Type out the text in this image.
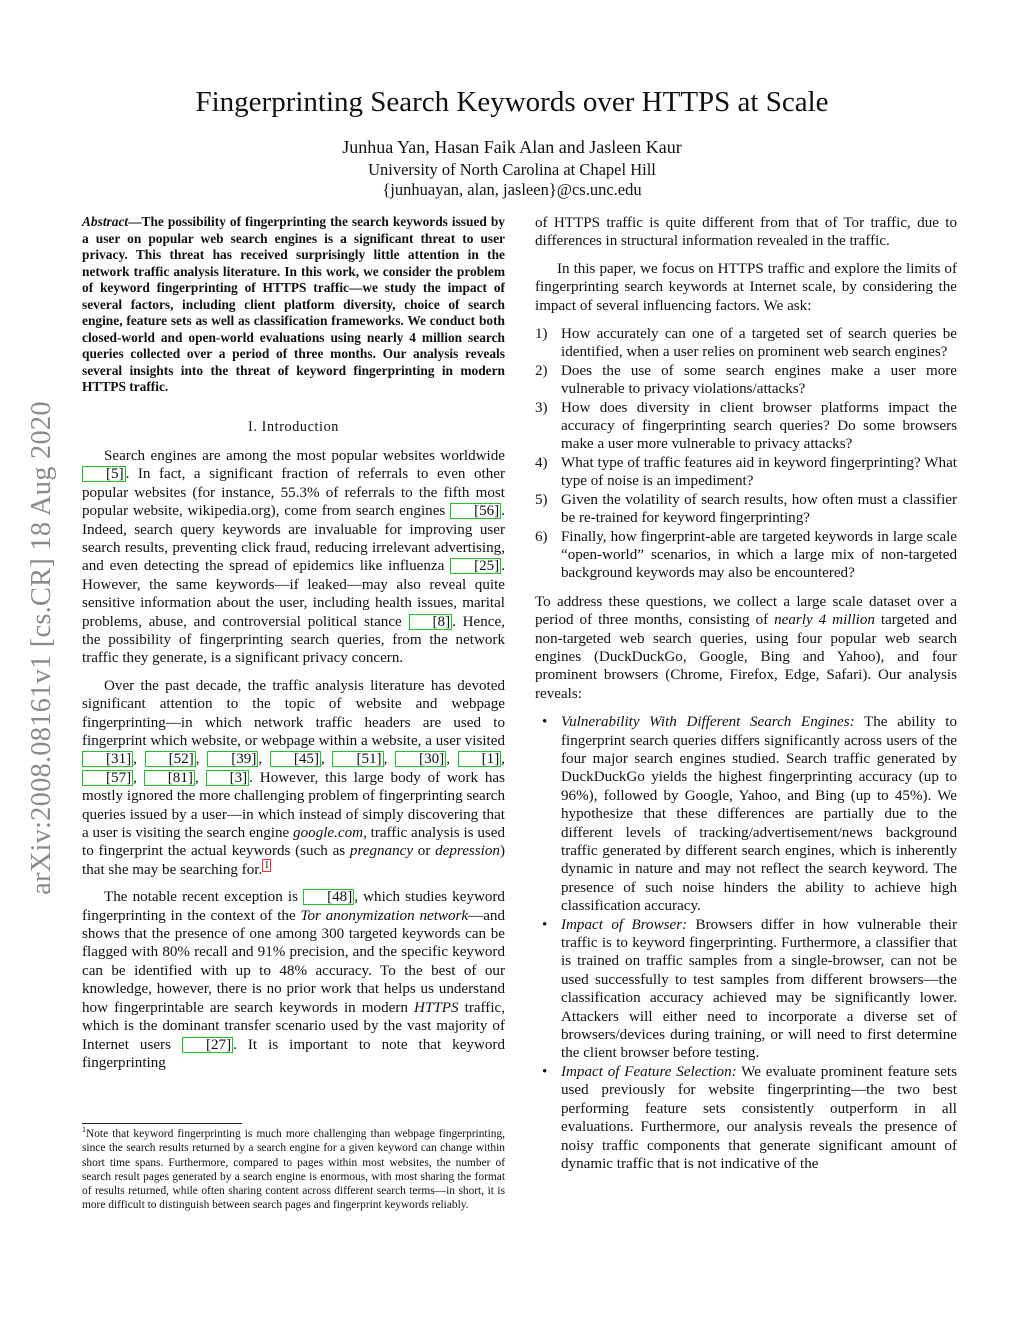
arXiv:2008.08161v1 [cs.CR] 18 Aug 2020
Fingerprinting Search Keywords over HTTPS at Scale
Junhua Yan, Hasan Faik Alan and Jasleen Kaur
University of North Carolina at Chapel Hill
{junhuayan, alan, jasleen}@cs.unc.edu

Abstract—The possibility of fingerprinting the search keywords issued by a user on popular web search engines is a significant threat to user privacy. This threat has received surprisingly little attention in the network traffic analysis literature. In this work, we consider the problem of keyword fingerprinting of HTTPS traffic—we study the impact of several factors, including client platform diversity, choice of search engine, feature sets as well as classification frameworks. We conduct both closed-world and open-world evaluations using nearly 4 million search queries collected over a period of three months. Our analysis reveals several insights into the threat of keyword fingerprinting in modern HTTPS traffic.

I. Introduction

Search engines are among the most popular websites worldwide [5] . In fact, a significant fraction of referrals to even other popular websites (for instance, 55.3% of referrals to the fifth most popular website, wikipedia.org), come from search engines [56] . Indeed, search query keywords are invaluable for improving user search results, preventing click fraud, reducing irrelevant advertising, and even detecting the spread of epidemics like influenza [25] . However, the same keywords—if leaked—may also reveal quite sensitive information about the user, including health issues, marital problems, abuse, and controversial political stance [8] . Hence, the possibility of fingerprinting search queries, from the network traffic they generate, is a significant privacy concern.

Over the past decade, the traffic analysis literature has devoted significant attention to the topic of website and webpage fingerprinting—in which network traffic headers are used to fingerprint which website, or webpage within a website, a user visited [31] , [52] , [39] , [45] , [51] , [30] , [1] , [57] , [81] , [3] . However, this large body of work has mostly ignored the more challenging problem of fingerprinting search queries issued by a user—in which instead of simply discovering that a user is visiting the search engine google.com, traffic analysis is used to fingerprint the actual keywords (such as pregnancy or depression) that she may be searching for. $^1$

The notable recent exception is [48] , which studies keyword fingerprinting in the context of the Tor anonymization network—and shows that the presence of one among 300 targeted keywords can be flagged with 80% recall and 91% precision, and the specific keyword can be identified with up to 48% accuracy. To the best of our knowledge, however, there is no prior work that helps us understand how fingerprintable are search keywords in modern HTTPS traffic, which is the dominant transfer scenario used by the vast majority of Internet users [27] . It is important to note that keyword fingerprinting

$^1$Note that keyword fingerprinting is much more challenging than webpage fingerprinting, since the search results returned by a search engine for a given keyword can change within short time spans. Furthermore, compared to pages within most websites, the number of search result pages generated by a search engine is enormous, with most sharing the format of results returned, while often sharing content across different search terms—in short, it is more difficult to distinguish between search pages and fingerprint keywords reliably.

of HTTPS traffic is quite different from that of Tor traffic, due to differences in structural information revealed in the traffic.

In this paper, we focus on HTTPS traffic and explore the limits of fingerprinting search keywords at Internet scale, by considering the impact of several influencing factors. We ask:

1) How accurately can one of a targeted set of search queries be identified, when a user relies on prominent web search engines?
2) Does the use of some search engines make a user more vulnerable to privacy violations/attacks?
3) How does diversity in client browser platforms impact the accuracy of fingerprinting search queries? Do some browsers make a user more vulnerable to privacy attacks?
4) What type of traffic features aid in keyword fingerprinting? What type of noise is an impediment?
5) Given the volatility of search results, how often must a classifier be re-trained for keyword fingerprinting?
6) Finally, how fingerprint-able are targeted keywords in large scale “open-world” scenarios, in which a large mix of non-targeted background keywords may also be encountered?

To address these questions, we collect a large scale dataset over a period of three months, consisting of nearly 4 million targeted and non-targeted web search queries, using four popular web search engines (DuckDuckGo, Google, Bing and Yahoo), and four prominent browsers (Chrome, Firefox, Edge, Safari). Our analysis reveals:

• Vulnerability With Different Search Engines: The ability to fingerprint search queries differs significantly across users of the four major search engines studied. Search traffic generated by DuckDuckGo yields the highest fingerprinting accuracy (up to 96%), followed by Google, Yahoo, and Bing (up to 45%). We hypothesize that these differences are partially due to the different levels of tracking/advertisement/news background traffic generated by different search engines, which is inherently dynamic in nature and may not reflect the search keyword. The presence of such noise hinders the ability to achieve high classification accuracy.
• Impact of Browser: Browsers differ in how vulnerable their traffic is to keyword fingerprinting. Furthermore, a classifier that is trained on traffic samples from a single-browser, can not be used successfully to test samples from different browsers—the classification accuracy achieved may be significantly lower. Attackers will either need to incorporate a diverse set of browsers/devices during training, or will need to first determine the client browser before testing.
• Impact of Feature Selection: We evaluate prominent feature sets used previously for website fingerprinting—the two best performing feature sets consistently outperform in all evaluations. Furthermore, our analysis reveals the presence of noisy traffic components that generate significant amount of dynamic traffic that is not indicative of the
